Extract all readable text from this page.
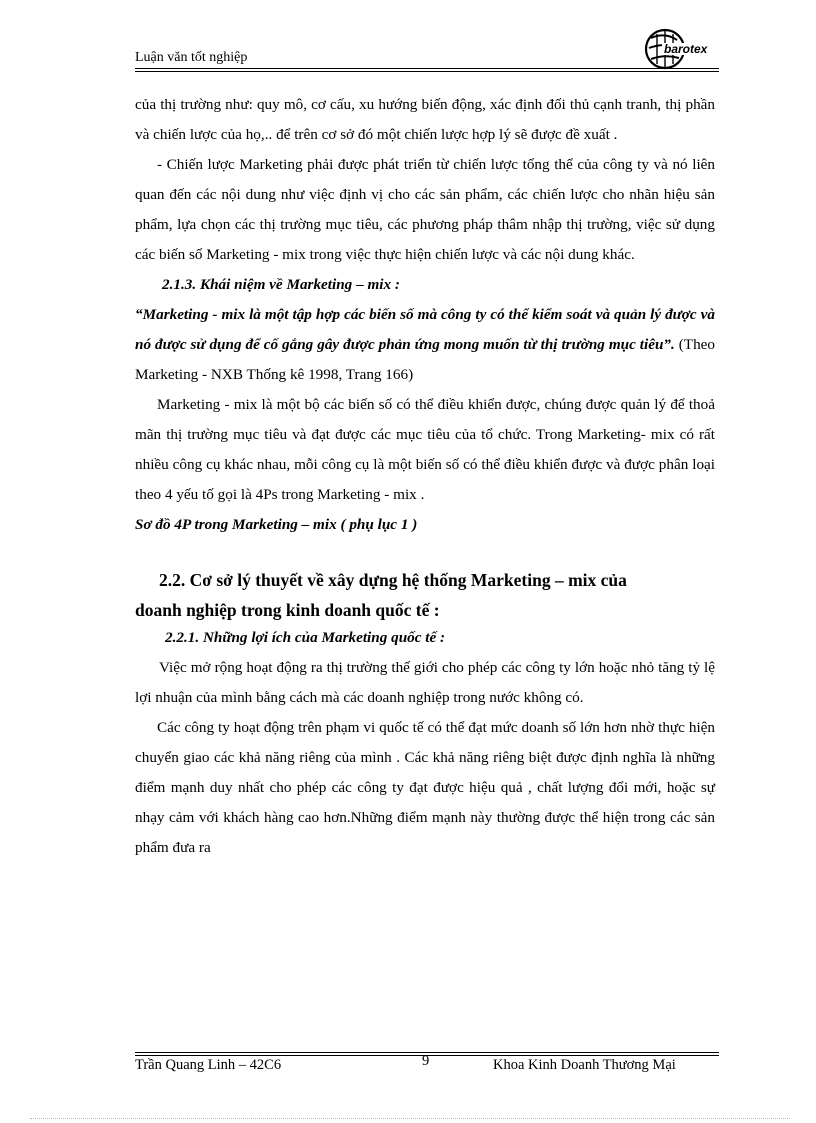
Luận văn tốt nghiệp
barotex

của thị trường như: quy mô, cơ cấu, xu hướng biến động, xác định đối thủ cạnh tranh, thị phần và chiến lược của họ,.. để trên cơ sở đó một chiến lược hợp lý sẽ được đề xuất .

- Chiến lược Marketing phải được phát triển từ chiến lược tổng thể của công ty và nó liên quan đến các nội dung như việc định vị cho các sản phẩm, các chiến lược cho nhãn hiệu sản phẩm, lựa chọn các thị trường mục tiêu, các phương pháp thâm nhập thị trường, việc sử dụng các biến số Marketing - mix trong việc thực hiện chiến lược và các nội dung khác.

2.1.3. Khái niệm về Marketing – mix :

“Marketing - mix là một tập hợp các biến số mà công ty có thể kiểm soát và quản lý được và nó được sử dụng để cố gắng gây được phản ứng mong muốn từ thị trường mục tiêu”. (Theo Marketing - NXB Thống kê 1998, Trang 166)

Marketing - mix là một bộ các biến số có thể điều khiển được, chúng được quản lý để thoả mãn thị trường mục tiêu và đạt được các mục tiêu của tổ chức. Trong Marketing- mix có rất nhiều công cụ khác nhau, mỗi công cụ là một biến số có thể điều khiển được và được phân loại theo 4 yếu tố gọi là 4Ps trong Marketing - mix .

Sơ đồ 4P trong Marketing – mix ( phụ lục 1 )

2.2. Cơ sở lý thuyết về xây dựng hệ thống Marketing – mix của
doanh nghiệp trong kinh doanh quốc tế :

2.2.1. Những lợi ích của Marketing quốc tế :

Việc mở rộng hoạt động ra thị trường thế giới cho phép các công ty lớn hoặc nhỏ tăng tỷ lệ lợi nhuận của mình bằng cách mà các doanh nghiệp trong nước không có.

Các công ty hoạt động trên phạm vi quốc tế có thể đạt mức doanh số lớn hơn nhờ thực hiện chuyển giao các khả năng riêng của mình . Các khả năng riêng biệt được định nghĩa là những điểm mạnh duy nhất cho phép các công ty đạt được hiệu quả , chất lượng đổi mới, hoặc sự nhạy cảm với khách hàng cao hơn.Những điểm mạnh này thường được thể hiện trong các sản phẩm đưa ra

Trần Quang Linh – 42C6	9	Khoa Kinh Doanh Thương Mại
